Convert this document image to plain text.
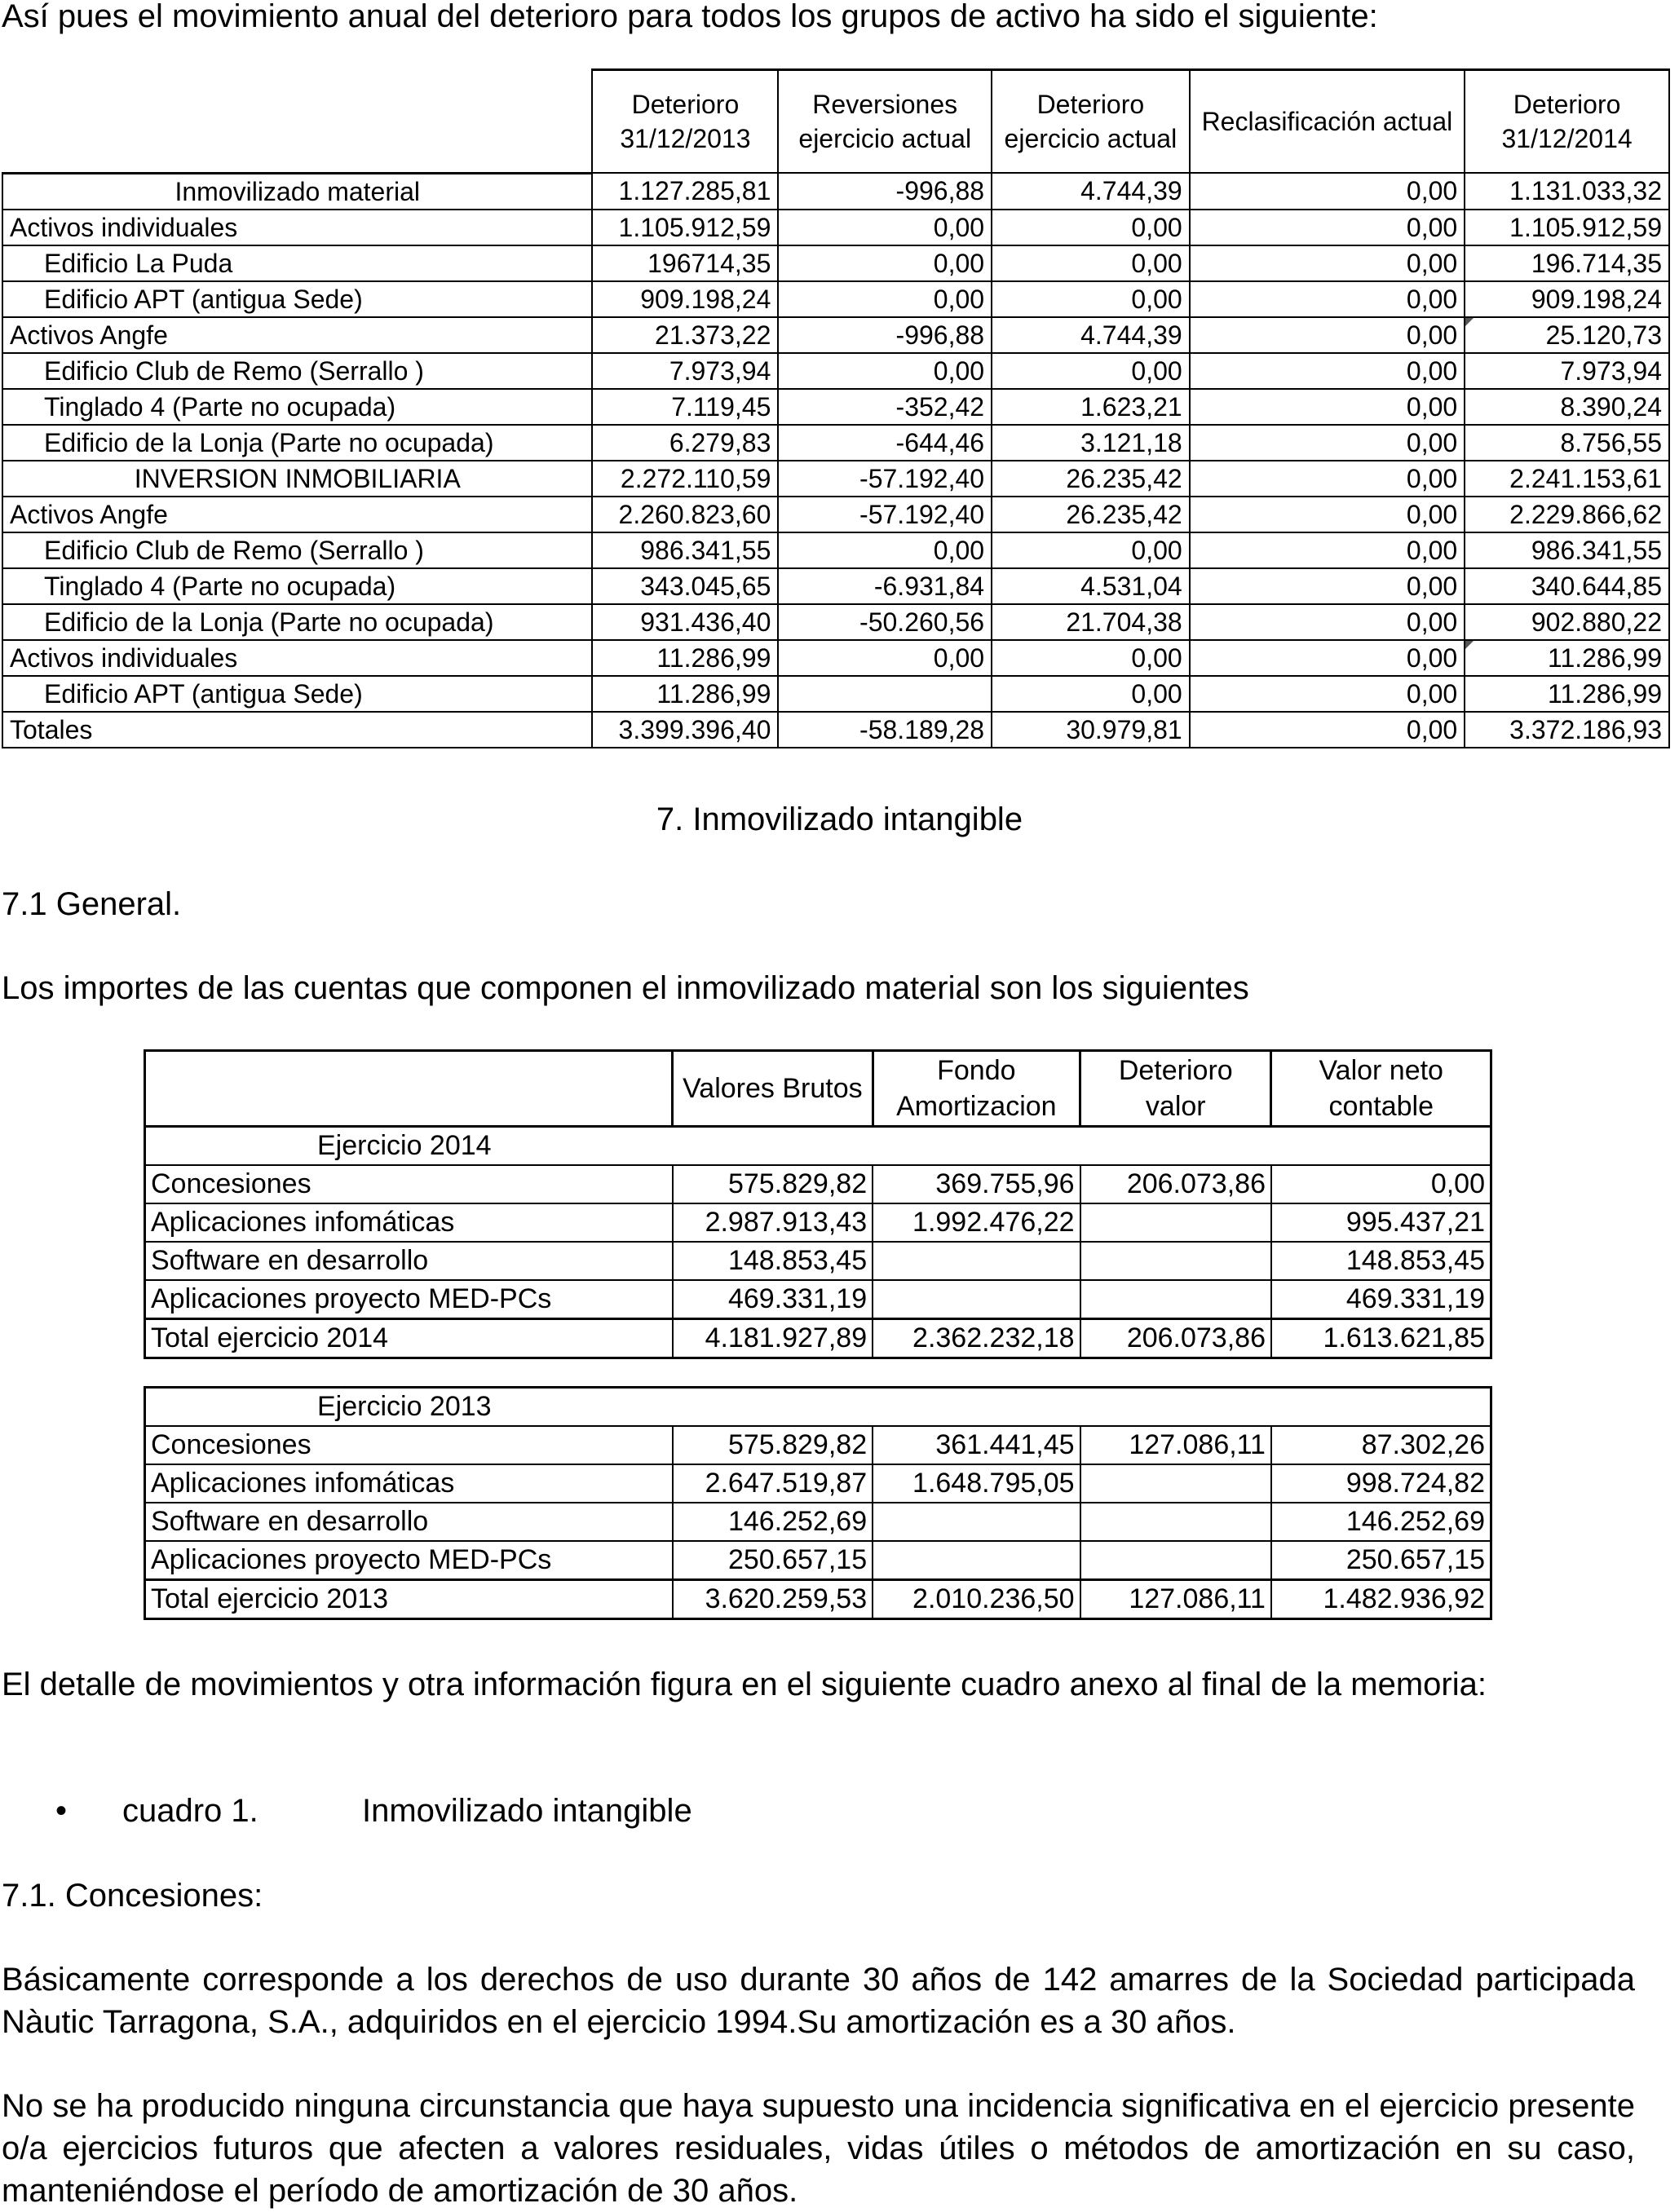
Así pues el movimiento anual del deterioro para todos los grupos de activo ha sido el siguiente:

	Deterioro 31/12/2013	Reversiones ejercicio actual	Deterioro ejercicio actual	Reclasificación actual	Deterioro 31/12/2014
Inmovilizado material	1.127.285,81	-996,88	4.744,39	0,00	1.131.033,32
Activos individuales	1.105.912,59	0,00	0,00	0,00	1.105.912,59
Edificio La Puda	196714,35	0,00	0,00	0,00	196.714,35
Edificio APT (antigua Sede)	909.198,24	0,00	0,00	0,00	909.198,24
Activos Angfe	21.373,22	-996,88	4.744,39	0,00	25.120,73
Edificio Club de Remo (Serrallo )	7.973,94	0,00	0,00	0,00	7.973,94
Tinglado 4 (Parte no ocupada)	7.119,45	-352,42	1.623,21	0,00	8.390,24
Edificio de la Lonja (Parte no ocupada)	6.279,83	-644,46	3.121,18	0,00	8.756,55
INVERSION INMOBILIARIA	2.272.110,59	-57.192,40	26.235,42	0,00	2.241.153,61
Activos Angfe	2.260.823,60	-57.192,40	26.235,42	0,00	2.229.866,62
Edificio Club de Remo (Serrallo )	986.341,55	0,00	0,00	0,00	986.341,55
Tinglado 4 (Parte no ocupada)	343.045,65	-6.931,84	4.531,04	0,00	340.644,85
Edificio de la Lonja (Parte no ocupada)	931.436,40	-50.260,56	21.704,38	0,00	902.880,22
Activos individuales	11.286,99	0,00	0,00	0,00	11.286,99
Edificio APT (antigua Sede)	11.286,99		0,00	0,00	11.286,99
Totales	3.399.396,40	-58.189,28	30.979,81	0,00	3.372.186,93
7. Inmovilizado intangible

7.1 General.

Los importes de las cuentas que componen el inmovilizado material son los siguientes

	Valores Brutos	Fondo Amortizacion	Deterioro valor	Valor neto contable
Ejercicio 2014				
Concesiones	575.829,82	369.755,96	206.073,86	0,00
Aplicaciones infomáticas	2.987.913,43	1.992.476,22		995.437,21
Software en desarrollo	148.853,45			148.853,45
Aplicaciones proyecto MED-PCs	469.331,19			469.331,19
Total ejercicio 2014	4.181.927,89	2.362.232,18	206.073,86	1.613.621,85
Ejercicio 2013				
Concesiones	575.829,82	361.441,45	127.086,11	87.302,26
Aplicaciones infomáticas	2.647.519,87	1.648.795,05		998.724,82
Software en desarrollo	146.252,69			146.252,69
Aplicaciones proyecto MED-PCs	250.657,15			250.657,15
Total ejercicio 2013	3.620.259,53	2.010.236,50	127.086,11	1.482.936,92

El detalle de movimientos y otra información figura en el siguiente cuadro anexo al final de la memoria:

• cuadro 1.	Inmovilizado intangible

7.1. Concesiones:

Básicamente corresponde a los derechos de uso durante 30 años de 142 amarres de la Sociedad participada Nàutic Tarragona, S.A., adquiridos en el ejercicio 1994.Su amortización es a 30 años.

No se ha producido ninguna circunstancia que haya supuesto una incidencia significativa en el ejercicio presente o/a ejercicios futuros que afecten a valores residuales, vidas útiles o métodos de amortización en su caso, manteniéndose el período de amortización de 30 años.
